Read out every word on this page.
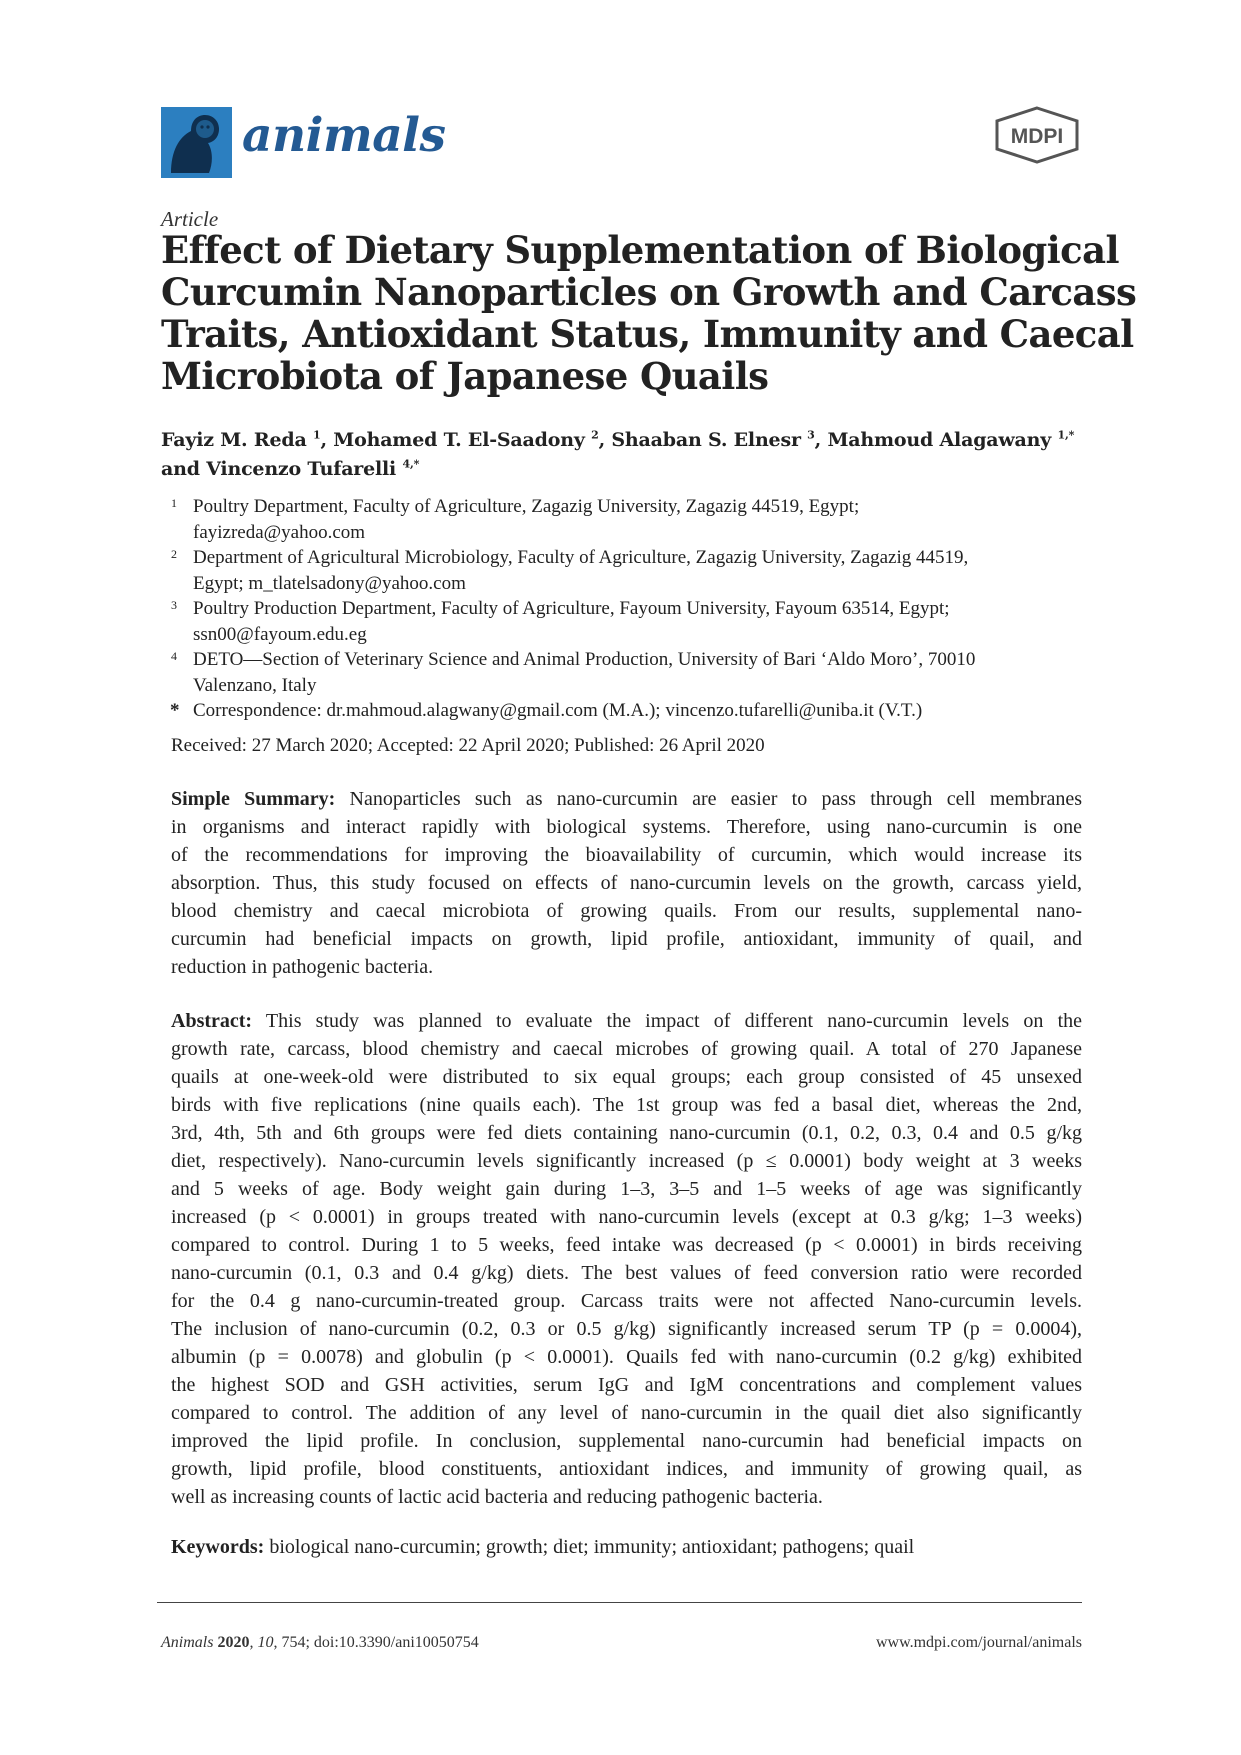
animals	MDPI
Article
Effect of Dietary Supplementation of Biological
Curcumin Nanoparticles on Growth and Carcass
Traits, Antioxidant Status, Immunity and Caecal
Microbiota of Japanese Quails
Fayiz M. Reda $^1$, Mohamed T. El-Saadony $^2$, Shaaban S. Elnesr $^3$, Mahmoud Alagawany $^{1,*}$
and Vincenzo Tufarelli $^{4,*}$
1 Poultry Department, Faculty of Agriculture, Zagazig University, Zagazig 44519, Egypt;
fayizreda@yahoo.com
2 Department of Agricultural Microbiology, Faculty of Agriculture, Zagazig University, Zagazig 44519,
Egypt; m_tlatelsadony@yahoo.com
3 Poultry Production Department, Faculty of Agriculture, Fayoum University, Fayoum 63514, Egypt;
ssn00@fayoum.edu.eg
4 DETO—Section of Veterinary Science and Animal Production, University of Bari ‘Aldo Moro’, 70010
Valenzano, Italy
* Correspondence: dr.mahmoud.alagwany@gmail.com (M.A.); vincenzo.tufarelli@uniba.it (V.T.)
Received: 27 March 2020; Accepted: 22 April 2020; Published: 26 April 2020
Simple Summary: Nanoparticles such as nano-curcumin are easier to pass through cell membranes
in organisms and interact rapidly with biological systems. Therefore, using nano-curcumin is one
of the recommendations for improving the bioavailability of curcumin, which would increase its
absorption. Thus, this study focused on effects of nano-curcumin levels on the growth, carcass yield,
blood chemistry and caecal microbiota of growing quails. From our results, supplemental nano-
curcumin had beneficial impacts on growth, lipid profile, antioxidant, immunity of quail, and
reduction in pathogenic bacteria.
Abstract: This study was planned to evaluate the impact of different nano-curcumin levels on the
growth rate, carcass, blood chemistry and caecal microbes of growing quail. A total of 270 Japanese
quails at one-week-old were distributed to six equal groups; each group consisted of 45 unsexed
birds with five replications (nine quails each). The 1st group was fed a basal diet, whereas the 2nd,
3rd, 4th, 5th and 6th groups were fed diets containing nano-curcumin (0.1, 0.2, 0.3, 0.4 and 0.5 g/kg
diet, respectively). Nano-curcumin levels significantly increased (p ≤ 0.0001) body weight at 3 weeks
and 5 weeks of age. Body weight gain during 1–3, 3–5 and 1–5 weeks of age was significantly
increased (p < 0.0001) in groups treated with nano-curcumin levels (except at 0.3 g/kg; 1–3 weeks)
compared to control. During 1 to 5 weeks, feed intake was decreased (p < 0.0001) in birds receiving
nano-curcumin (0.1, 0.3 and 0.4 g/kg) diets. The best values of feed conversion ratio were recorded
for the 0.4 g nano-curcumin-treated group. Carcass traits were not affected Nano-curcumin levels.
The inclusion of nano-curcumin (0.2, 0.3 or 0.5 g/kg) significantly increased serum TP (p = 0.0004),
albumin (p = 0.0078) and globulin (p < 0.0001). Quails fed with nano-curcumin (0.2 g/kg) exhibited
the highest SOD and GSH activities, serum IgG and IgM concentrations and complement values
compared to control. The addition of any level of nano-curcumin in the quail diet also significantly
improved the lipid profile. In conclusion, supplemental nano-curcumin had beneficial impacts on
growth, lipid profile, blood constituents, antioxidant indices, and immunity of growing quail, as
well as increasing counts of lactic acid bacteria and reducing pathogenic bacteria.
Keywords: biological nano-curcumin; growth; diet; immunity; antioxidant; pathogens; quail
Animals 2020, 10, 754; doi:10.3390/ani10050754	www.mdpi.com/journal/animals
